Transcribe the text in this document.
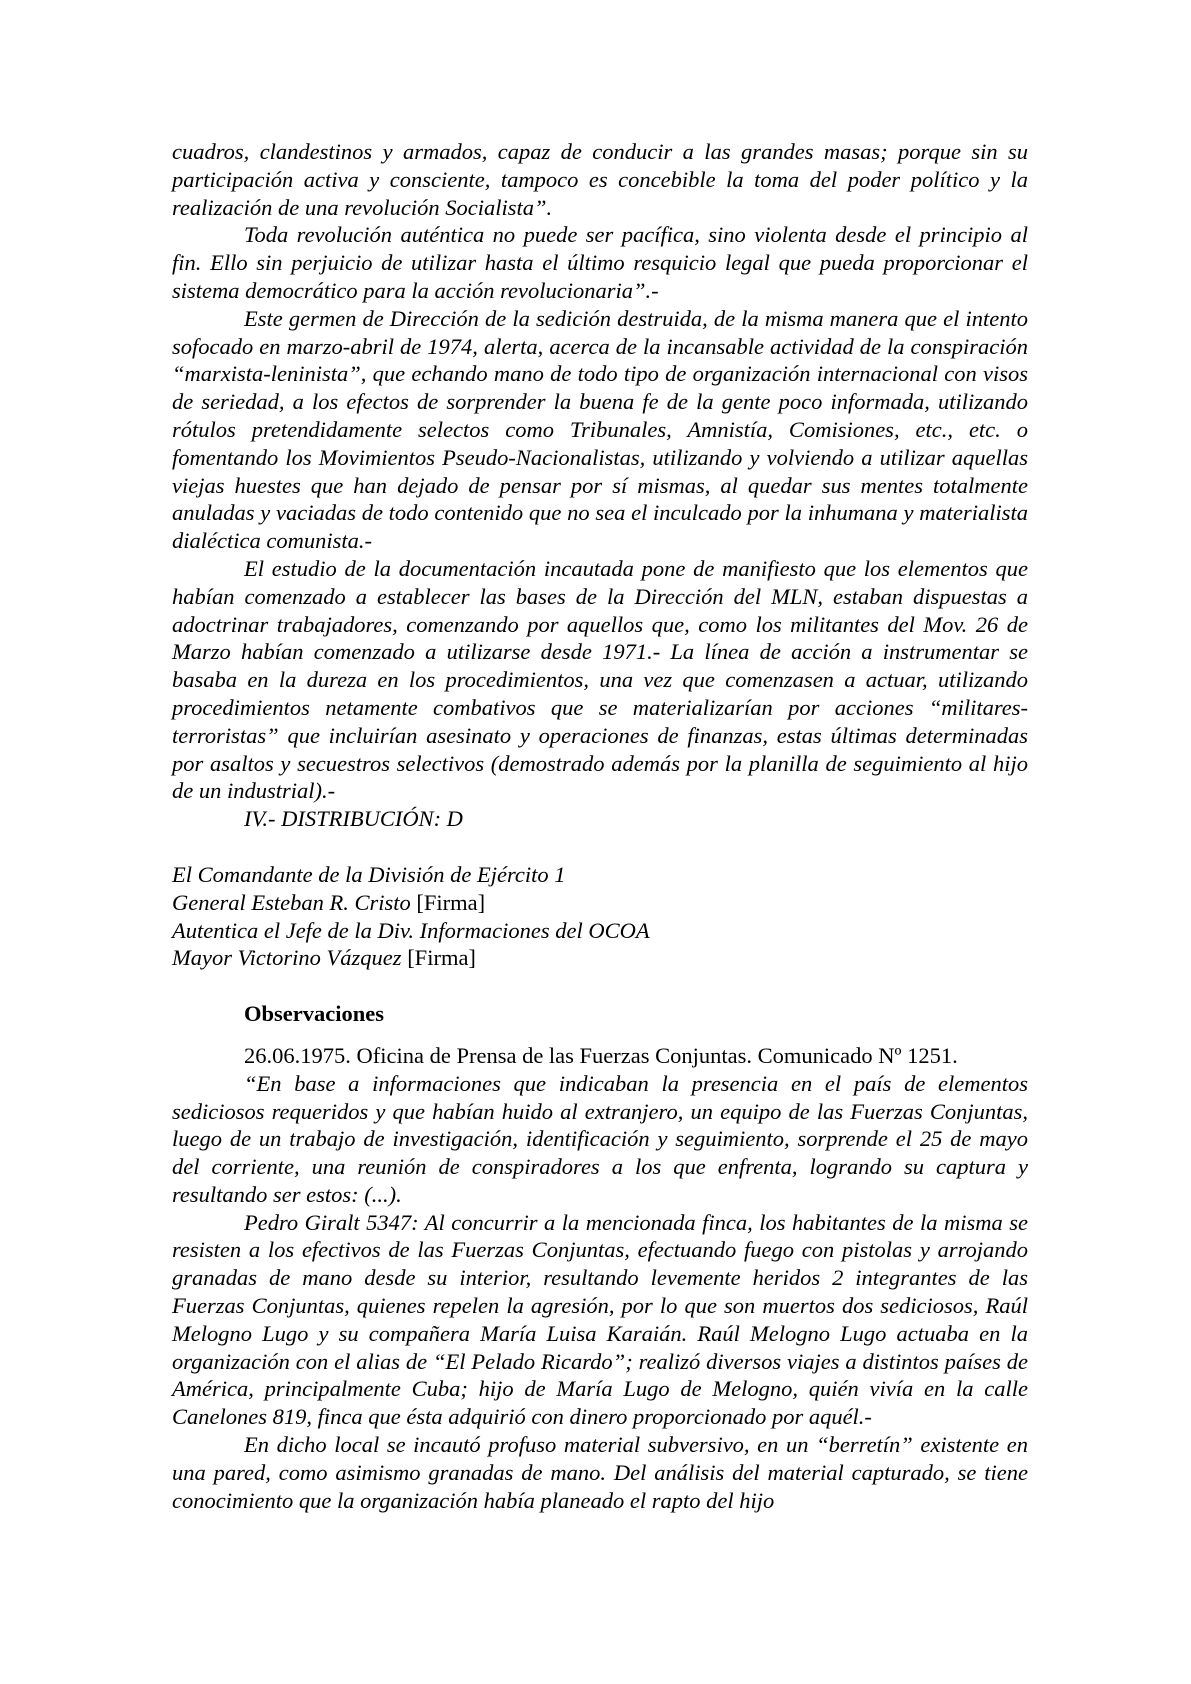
cuadros, clandestinos y armados, capaz de conducir a las grandes masas; porque sin su participación activa y consciente, tampoco es concebible la toma del poder político y la realización de una revolución Socialista”.

Toda revolución auténtica no puede ser pacífica, sino violenta desde el principio al fin. Ello sin perjuicio de utilizar hasta el último resquicio legal que pueda proporcionar el sistema democrático para la acción revolucionaria”.-

Este germen de Dirección de la sedición destruida, de la misma manera que el intento sofocado en marzo-abril de 1974, alerta, acerca de la incansable actividad de la conspiración “marxista-leninista”, que echando mano de todo tipo de organización internacional con visos de seriedad, a los efectos de sorprender la buena fe de la gente poco informada, utilizando rótulos pretendidamente selectos como Tribunales, Amnistía, Comisiones, etc., etc. o fomentando los Movimientos Pseudo-Nacionalistas, utilizando y volviendo a utilizar aquellas viejas huestes que han dejado de pensar por sí mismas, al quedar sus mentes totalmente anuladas y vaciadas de todo contenido que no sea el inculcado por la inhumana y materialista dialéctica comunista.-

El estudio de la documentación incautada pone de manifiesto que los elementos que habían comenzado a establecer las bases de la Dirección del MLN, estaban dispuestas a adoctrinar trabajadores, comenzando por aquellos que, como los militantes del Mov. 26 de Marzo habían comenzado a utilizarse desde 1971.- La línea de acción a instrumentar se basaba en la dureza en los procedimientos, una vez que comenzasen a actuar, utilizando procedimientos netamente combativos que se materializarían por acciones “militares-terroristas” que incluirían asesinato y operaciones de finanzas, estas últimas determinadas por asaltos y secuestros selectivos (demostrado además por la planilla de seguimiento al hijo de un industrial).-

IV.- DISTRIBUCIÓN: D

El Comandante de la División de Ejército 1

General Esteban R. Cristo [Firma]

Autentica el Jefe de la Div. Informaciones del OCOA

Mayor Victorino Vázquez [Firma]

Observaciones

26.06.1975. Oficina de Prensa de las Fuerzas Conjuntas. Comunicado Nº 1251.

“En base a informaciones que indicaban la presencia en el país de elementos sediciosos requeridos y que habían huido al extranjero, un equipo de las Fuerzas Conjuntas, luego de un trabajo de investigación, identificación y seguimiento, sorprende el 25 de mayo del corriente, una reunión de conspiradores a los que enfrenta, logrando su captura y resultando ser estos: (...).

Pedro Giralt 5347: Al concurrir a la mencionada finca, los habitantes de la misma se resisten a los efectivos de las Fuerzas Conjuntas, efectuando fuego con pistolas y arrojando granadas de mano desde su interior, resultando levemente heridos 2 integrantes de las Fuerzas Conjuntas, quienes repelen la agresión, por lo que son muertos dos sediciosos, Raúl Melogno Lugo y su compañera María Luisa Karaián. Raúl Melogno Lugo actuaba en la organización con el alias de “El Pelado Ricardo”; realizó diversos viajes a distintos países de América, principalmente Cuba; hijo de María Lugo de Melogno, quién vivía en la calle Canelones 819, finca que ésta adquirió con dinero proporcionado por aquél.-

En dicho local se incautó profuso material subversivo, en un “berretín” existente en una pared, como asimismo granadas de mano. Del análisis del material capturado, se tiene conocimiento que la organización había planeado el rapto del hijo
